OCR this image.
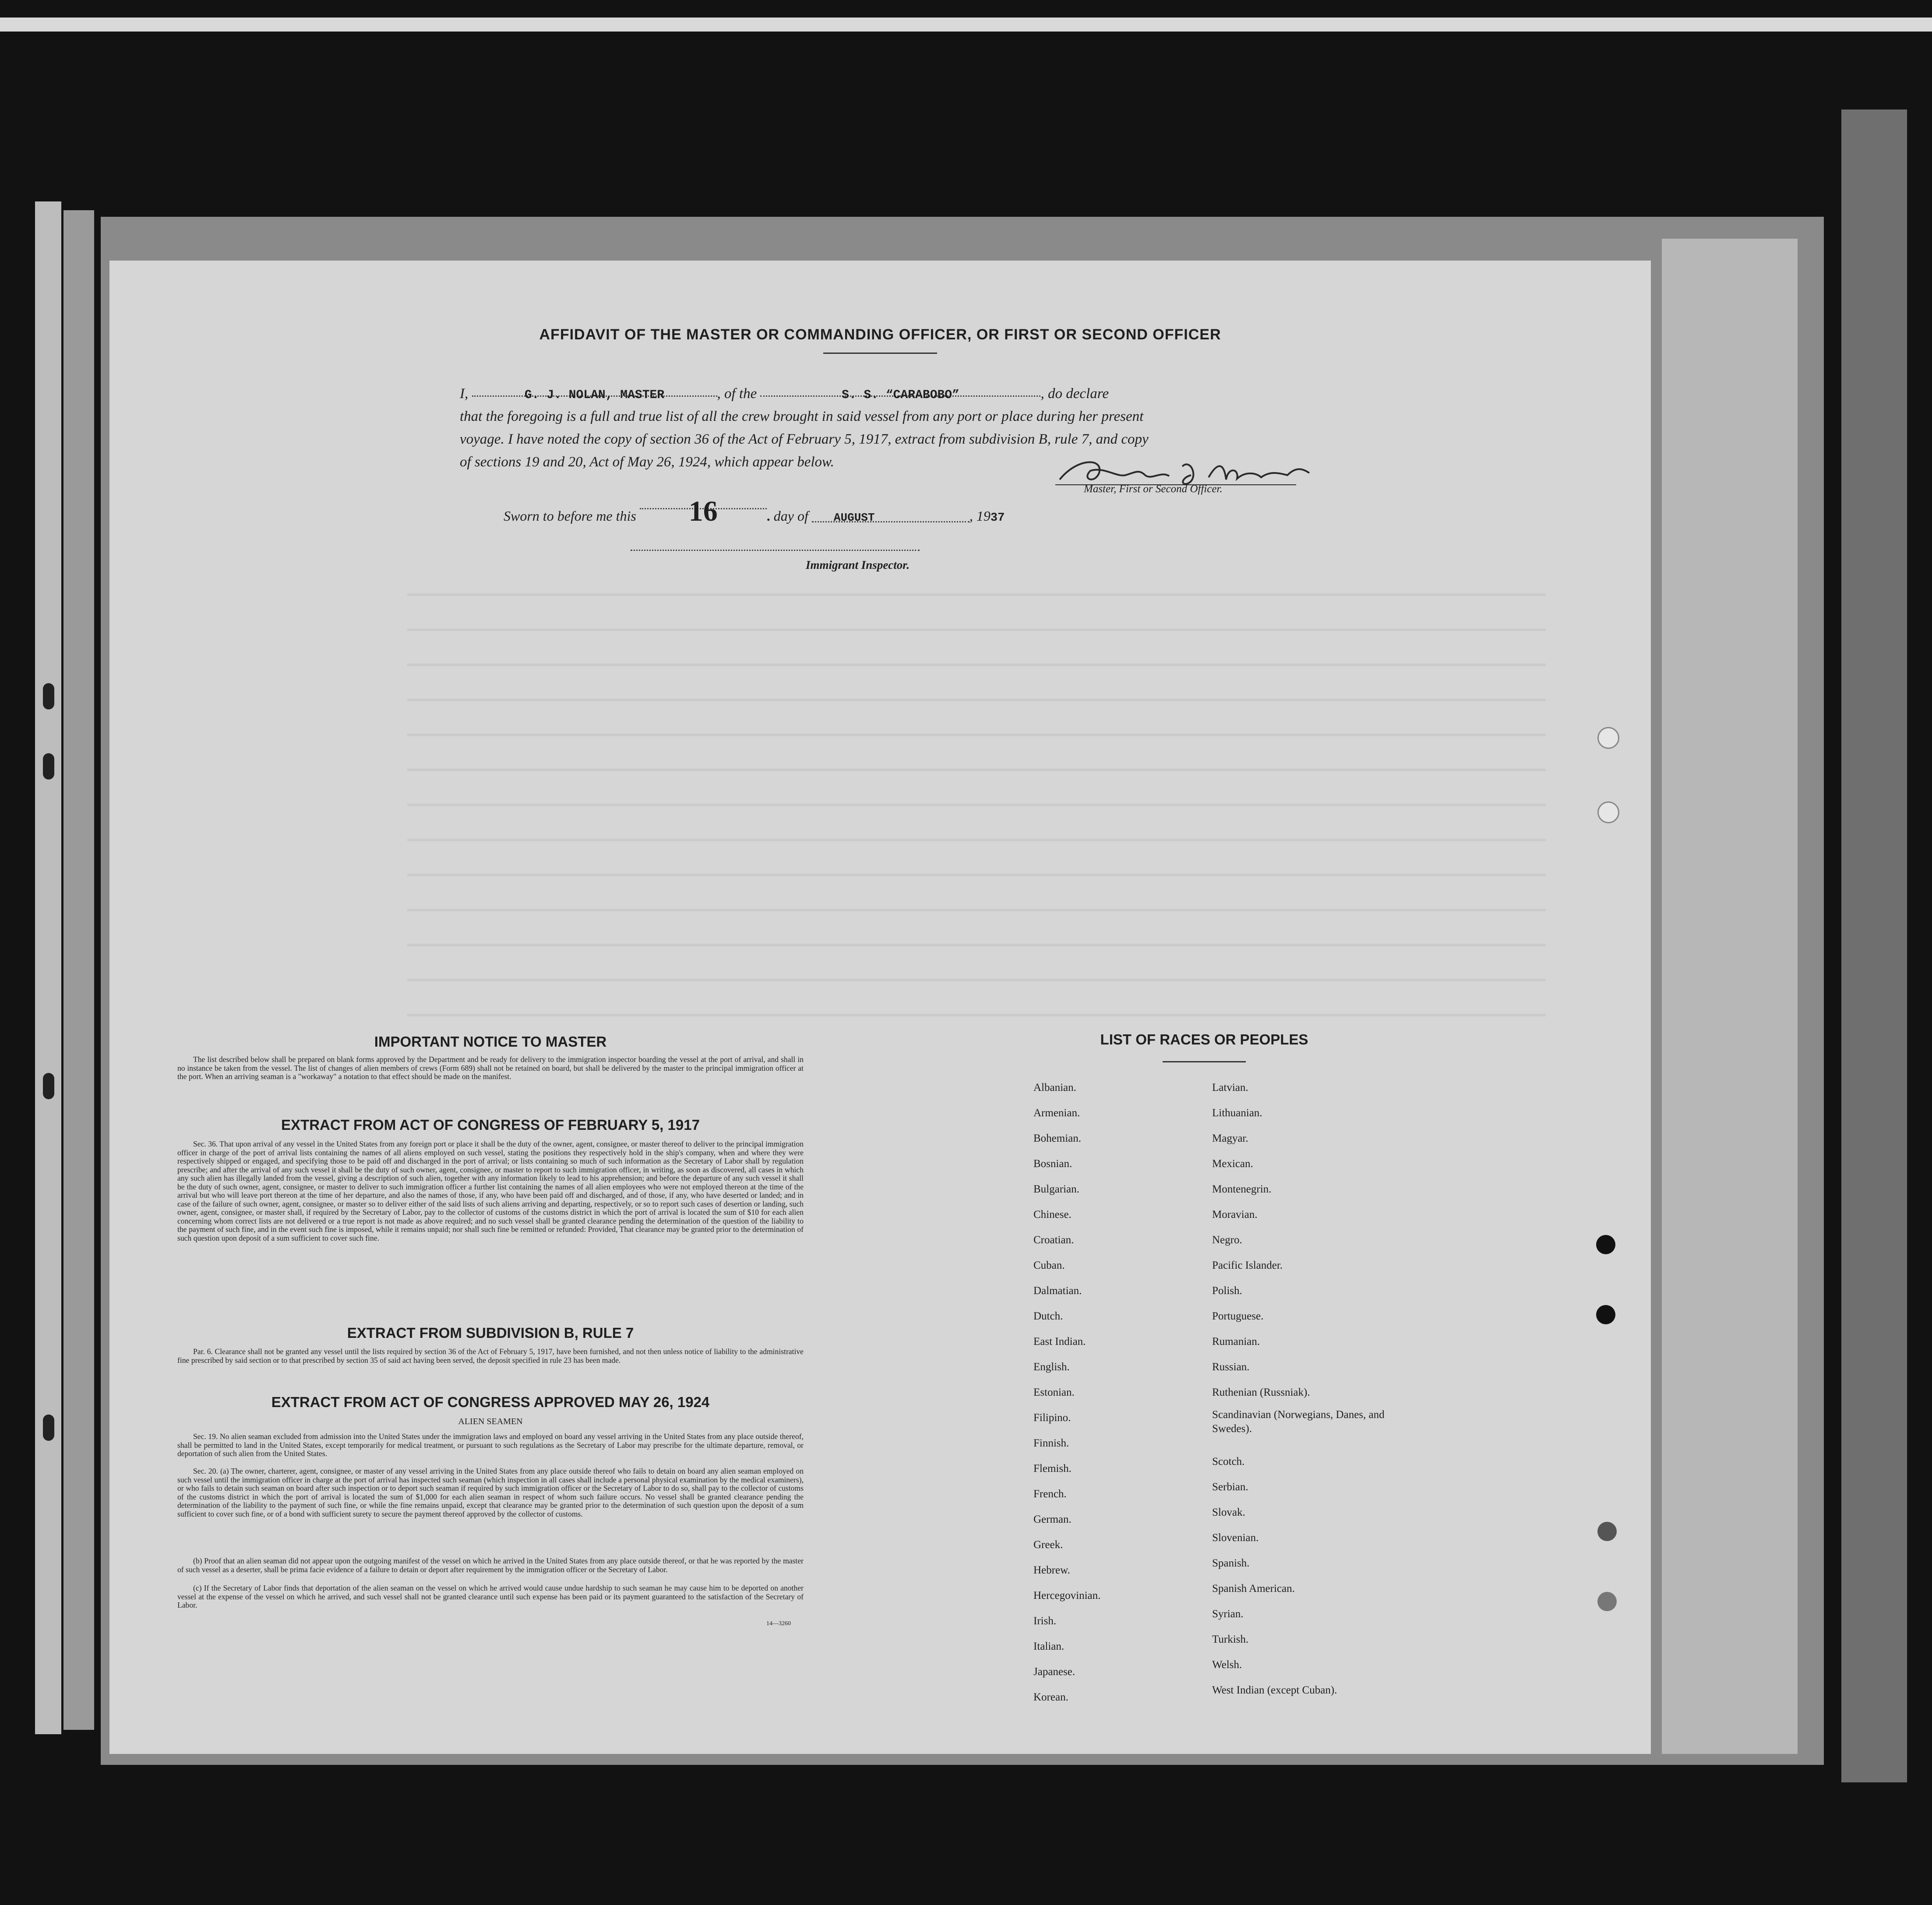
AFFIDAVIT OF THE MASTER OR COMMANDING OFFICER, OR FIRST OR SECOND OFFICER
I,	G. J. NOLAN, MASTER	, of the	S. S. “CARABOBO”	, do declare
that the foregoing is a full and true list of all the crew brought in said vessel from any port or place during her present
voyage. I have noted the copy of section 36 of the Act of February 5, 1917, extract from subdivision B, rule 7, and copy
of sections 19 and 20, Act of May 26, 1924, which appear below.
Master, First or Second Officer.
Sworn to before me this 16	. day of AUGUST	, 1937
Immigrant Inspector.
IMPORTANT NOTICE TO MASTER

The list described below shall be prepared on blank forms approved by the Department and be ready for delivery to the immigration inspector boarding the vessel at the port of arrival, and shall in no instance be taken from the vessel. The list of changes of alien members of crews (Form 689) shall not be retained on board, but shall be delivered by the master to the principal immigration officer at the port. When an arriving seaman is a "workaway" a notation to that effect should be made on the manifest.

EXTRACT FROM ACT OF CONGRESS OF FEBRUARY 5, 1917

Sec. 36. That upon arrival of any vessel in the United States from any foreign port or place it shall be the duty of the owner, agent, consignee, or master thereof to deliver to the principal immigration officer in charge of the port of arrival lists containing the names of all aliens employed on such vessel, stating the positions they respectively hold in the ship's company, when and where they were respectively shipped or engaged, and specifying those to be paid off and discharged in the port of arrival; or lists containing so much of such information as the Secretary of Labor shall by regulation prescribe; and after the arrival of any such vessel it shall be the duty of such owner, agent, consignee, or master to report to such immigration officer, in writing, as soon as discovered, all cases in which any such alien has illegally landed from the vessel, giving a description of such alien, together with any information likely to lead to his apprehension; and before the departure of any such vessel it shall be the duty of such owner, agent, consignee, or master to deliver to such immigration officer a further list containing the names of all alien employees who were not employed thereon at the time of the arrival but who will leave port thereon at the time of her departure, and also the names of those, if any, who have been paid off and discharged, and of those, if any, who have deserted or landed; and in case of the failure of such owner, agent, consignee, or master so to deliver either of the said lists of such aliens arriving and departing, respectively, or so to report such cases of desertion or landing, such owner, agent, consignee, or master shall, if required by the Secretary of Labor, pay to the collector of customs of the customs district in which the port of arrival is located the sum of $10 for each alien concerning whom correct lists are not delivered or a true report is not made as above required; and no such vessel shall be granted clearance pending the determination of the question of the liability to the payment of such fine, and in the event such fine is imposed, while it remains unpaid; nor shall such fine be remitted or refunded: Provided, That clearance may be granted prior to the determination of such question upon deposit of a sum sufficient to cover such fine.

EXTRACT FROM SUBDIVISION B, RULE 7

Par. 6. Clearance shall not be granted any vessel until the lists required by section 36 of the Act of February 5, 1917, have been furnished, and not then unless notice of liability to the administrative fine prescribed by said section or to that prescribed by section 35 of said act having been served, the deposit specified in rule 23 has been made.

EXTRACT FROM ACT OF CONGRESS APPROVED MAY 26, 1924
ALIEN SEAMEN

Sec. 19. No alien seaman excluded from admission into the United States under the immigration laws and employed on board any vessel arriving in the United States from any place outside thereof, shall be permitted to land in the United States, except temporarily for medical treatment, or pursuant to such regulations as the Secretary of Labor may prescribe for the ultimate departure, removal, or deportation of such alien from the United States.

Sec. 20. (a) The owner, charterer, agent, consignee, or master of any vessel arriving in the United States from any place outside thereof who fails to detain on board any alien seaman employed on such vessel until the immigration officer in charge at the port of arrival has inspected such seaman (which inspection in all cases shall include a personal physical examination by the medical examiners), or who fails to detain such seaman on board after such inspection or to deport such seaman if required by such immigration officer or the Secretary of Labor to do so, shall pay to the collector of customs of the customs district in which the port of arrival is located the sum of $1,000 for each alien seaman in respect of whom such failure occurs. No vessel shall be granted clearance pending the determination of the liability to the payment of such fine, or while the fine remains unpaid, except that clearance may be granted prior to the determination of such question upon the deposit of a sum sufficient to cover such fine, or of a bond with sufficient surety to secure the payment thereof approved by the collector of customs.

(b) Proof that an alien seaman did not appear upon the outgoing manifest of the vessel on which he arrived in the United States from any place outside thereof, or that he was reported by the master of such vessel as a deserter, shall be prima facie evidence of a failure to detain or deport after requirement by the immigration officer or the Secretary of Labor.

(c) If the Secretary of Labor finds that deportation of the alien seaman on the vessel on which he arrived would cause undue hardship to such seaman he may cause him to be deported on another vessel at the expense of the vessel on which he arrived, and such vessel shall not be granted clearance until such expense has been paid or its payment guaranteed to the satisfaction of the Secretary of Labor.

14—3260
LIST OF RACES OR PEOPLES
Albanian.
Armenian.
Bohemian.
Bosnian.
Bulgarian.
Chinese.
Croatian.
Cuban.
Dalmatian.
Dutch.
East Indian.
English.
Estonian.
Filipino.
Finnish.
Flemish.
French.
German.
Greek.
Hebrew.
Hercegovinian.
Irish.
Italian.
Japanese.
Korean.
Latvian.
Lithuanian.
Magyar.
Mexican.
Montenegrin.
Moravian.
Negro.
Pacific Islander.
Polish.
Portuguese.
Rumanian.
Russian.
Ruthenian (Russniak).
Scandinavian (Norwegians, Danes, and Swedes).
Scotch.
Serbian.
Slovak.
Slovenian.
Spanish.
Spanish American.
Syrian.
Turkish.
Welsh.
West Indian (except Cuban).
